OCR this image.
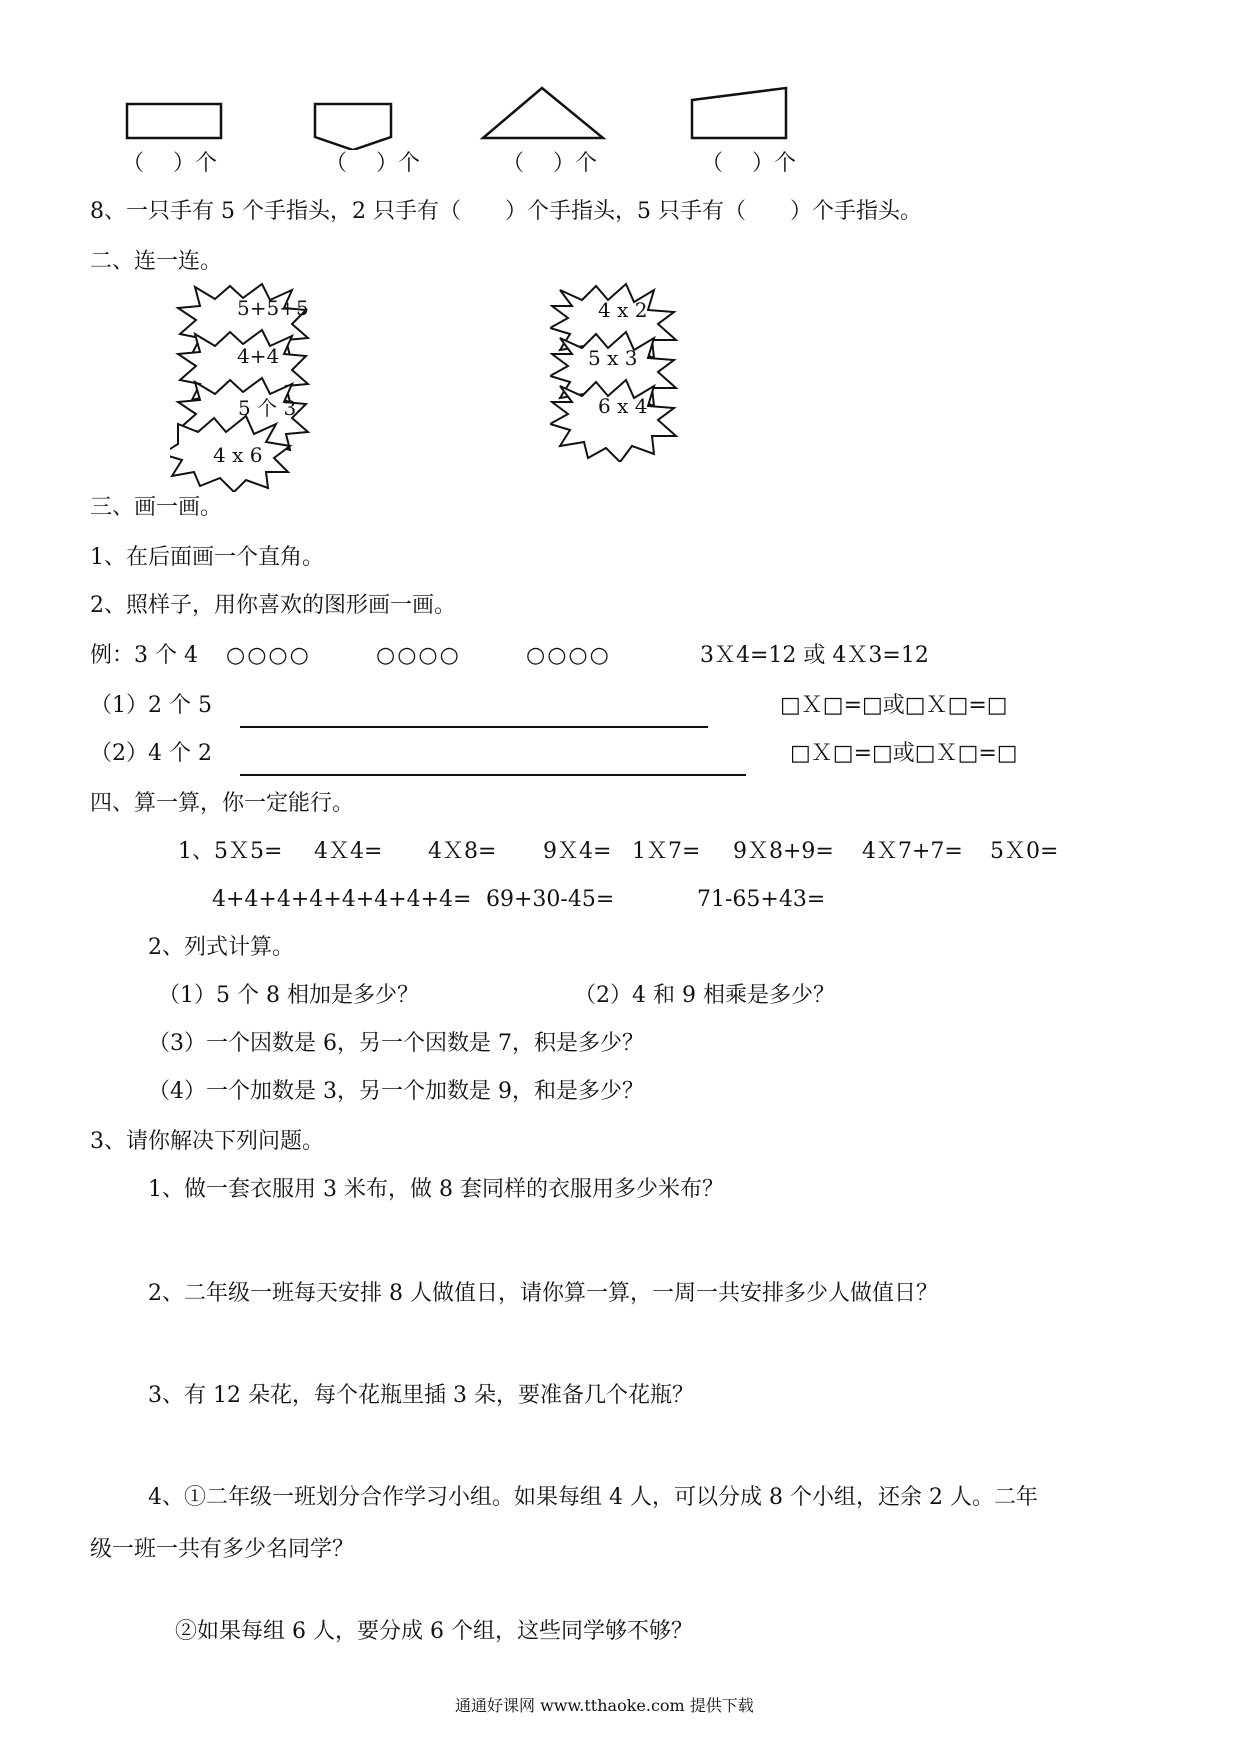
（　 ）个	（　 ）个	（　 ）个	（　 ）个
8、一只手有 5 个手指头，2 只手有（　　）个手指头，5 只手有（　　）个手指头。
二、连一连。
5+5+5
4+4
5 个 3
4 x 6
4 x 2
5 x 3
6 x 4
三、画一画。
1、在后面画一个直角。
2、照样子，用你喜欢的图形画一画。
例：3 个 4 ○○○○	○○○○	○○○○	3Ｘ4=12 或 4Ｘ3=12
（1）2 个 5	□Ｘ□=□或□Ｘ□=□
（2）4 个 2	□Ｘ□=□或□Ｘ□=□
四、算一算，你一定能行。
1、5Ｘ5= 4Ｘ4= 4Ｘ8= 9Ｘ4= 1Ｘ7= 9Ｘ8+9= 4Ｘ7+7= 5Ｘ0=
4+4+4+4+4+4+4+4= 69+30-45=	71-65+43=
2、列式计算。
（1）5 个 8 相加是多少？	（2）4 和 9 相乘是多少？
（3）一个因数是 6，另一个因数是 7，积是多少？
（4）一个加数是 3，另一个加数是 9，和是多少？
3、请你解决下列问题。
1、做一套衣服用 3 米布，做 8 套同样的衣服用多少米布？
2、二年级一班每天安排 8 人做值日，请你算一算，一周一共安排多少人做值日？
3、有 12 朵花，每个花瓶里插 3 朵，要准备几个花瓶？
4、①二年级一班划分合作学习小组。如果每组 4 人，可以分成 8 个小组，还余 2 人。二年
级一班一共有多少名同学？
②如果每组 6 人，要分成 6 个组，这些同学够不够？
通通好课网 www.tthaoke.com 提供下载
